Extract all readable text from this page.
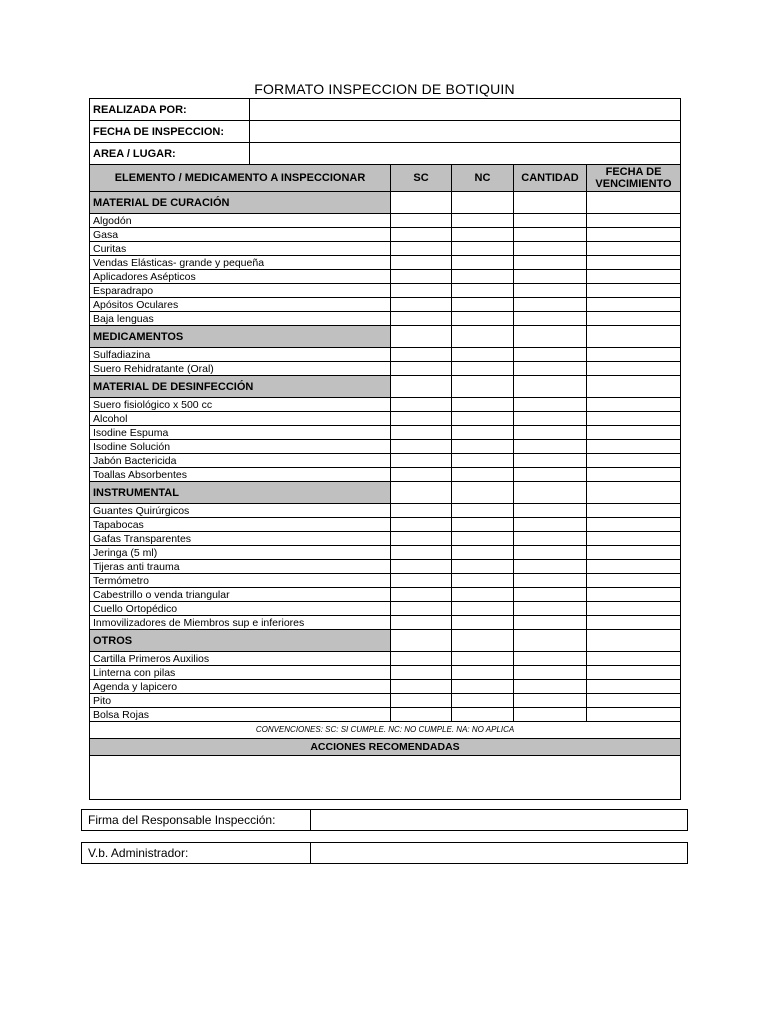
FORMATO INSPECCION DE BOTIQUIN
REALIZADA POR:					
FECHA DE INSPECCION:					
AREA / LUGAR:					
ELEMENTO / MEDICAMENTO A INSPECCIONAR		SC	NC	CANTIDAD	FECHA DE VENCIMIENTO
MATERIAL DE CURACIÓN					
Algodón					
Gasa					
Curitas					
Vendas Elásticas- grande y pequeña					
Aplicadores Asépticos					
Esparadrapo					
Apósitos Oculares					
Baja lenguas					
MEDICAMENTOS					
Sulfadiazina					
Suero Rehidratante (Oral)					
MATERIAL DE DESINFECCIÓN					
Suero fisiológico x 500 cc					
Alcohol					
Isodine Espuma					
Isodine Solución					
Jabón Bactericida					
Toallas Absorbentes					
INSTRUMENTAL					
Guantes Quirúrgicos					
Tapabocas					
Gafas Transparentes					
Jeringa (5 ml)					
Tijeras anti trauma					
Termómetro					
Cabestrillo o venda triangular					
Cuello Ortopédico					
Inmovilizadores de Miembros sup e inferiores					
OTROS					
Cartilla Primeros Auxilios					
Linterna con pilas					
Agenda y lapicero					
Pito					
Bolsa Rojas					
CONVENCIONES: SC: SI CUMPLE. NC: NO CUMPLE. NA: NO APLICA					
ACCIONES RECOMENDADAS					

Firma del Responsable Inspección:	
V.b. Administrador:	
